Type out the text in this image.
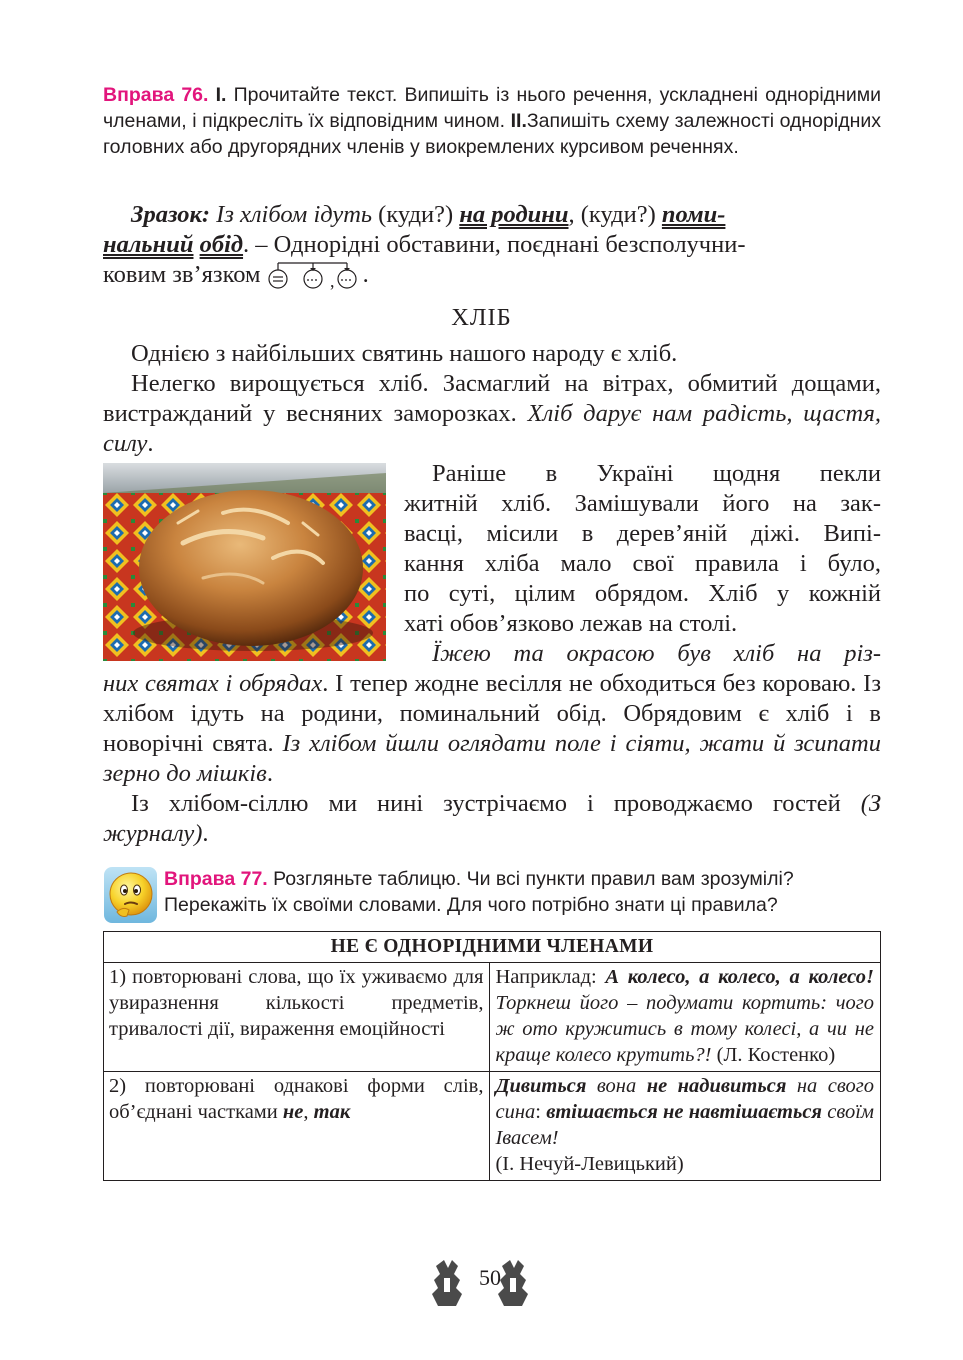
Вправа 76. І. Прочитайте текст. Випишіть із нього речення, ускладнені однорідними членами, і підкресліть їх відповідним чином. ІІ.Запишіть схему залежності однорідних головних або другорядних членів у виокремлених курсивом реченнях.
Зразок: Із хлібом ідуть (куди?) на родини, (куди?) поми-
нальний обід. – Однорідні обставини, поєднані безсполучни-
ковим зв’язком	, .
ХЛІБ
Однією з найбільших святинь нашого народу є хліб.
Нелегко вирощується хліб. Засмаглий на вітрах, обмитий дощами, вистражданий у весняних заморозках. Хліб дарує нам радість, щастя, силу.
Раніше в Україні щодня пекли
житній хліб. Замішували його на зак-
васці, місили в дерев’яній діжі. Випі-
кання хліба мало свої правила і було,
по суті, цілим обрядом. Хліб у кожній
хаті обов’язково лежав на столі.
Їжею та окрасою був хліб на різ-
них святах і обрядах. І тепер жодне весілля не обходиться без короваю. Із хлібом ідуть на родини, поминальний обід. Обрядовим є хліб і в новорічні свята. Із хлібом йшли оглядати поле і сіяти, жати й зсипати зерно до мішків.
Із хлібом-сіллю ми нині зустрічаємо і проводжаємо гостей (З журналу).
Вправа 77. Розгляньте таблицю. Чи всі пункти правил вам зрозумілі? Перекажіть їх своїми словами. Для чого потрібно знати ці правила?
НЕ Є ОДНОРІДНИМИ ЧЛЕНАМИ	
1) повторювані слова, що їх уживаємо для увиразнення кількості предметів, тривалості дії, вираження емоційності	Наприклад: А колесо, а колесо, а колесо! Торкнеш його – подумати кортить: чого ж ото кружитись в тому колесі, а чи не краще колесо крутить?! (Л. Костенко)
2) повторювані однакові форми слів, об’єднані частками не, так	Дивиться вона не надивиться на свого сина: втішається не навтішається своїм Івасем!
(І. Нечуй-Левицький)
50
